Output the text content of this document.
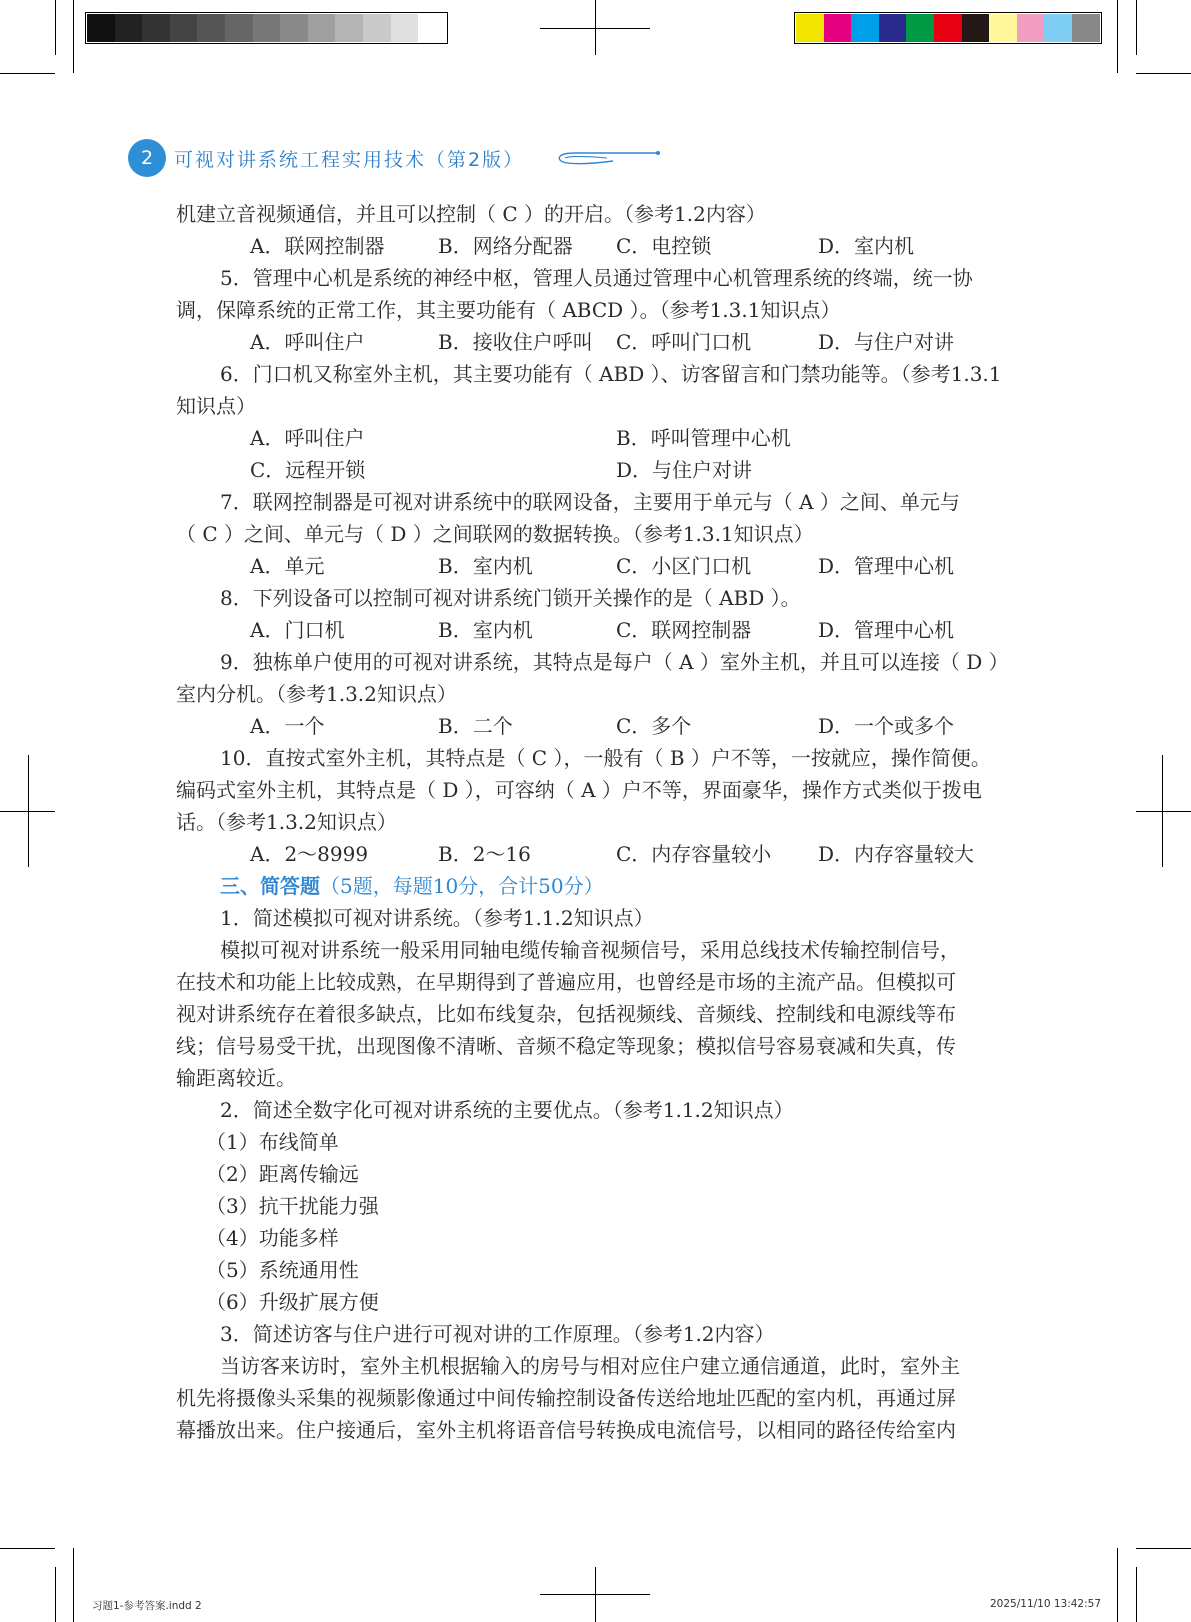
2	可视对讲系统工程实用技术（第2版）
机建立音视频通信，并且可以控制（ C ）的开启。（参考1.2内容）
A．联网控制器	B．网络分配器 C．电控锁	D．室内机
5．管理中心机是系统的神经中枢，管理人员通过管理中心机管理系统的终端，统一协
调，保障系统的正常工作，其主要功能有（ ABCD ）。（参考1.3.1知识点）
A．呼叫住户	B．接收住户呼叫 C．呼叫门口机	D．与住户对讲
6．门口机又称室外主机，其主要功能有（ ABD ）、访客留言和门禁功能等。（参考1.3.1
知识点）
A．呼叫住户	B．呼叫管理中心机
C．远程开锁	D．与住户对讲
7．联网控制器是可视对讲系统中的联网设备，主要用于单元与（ A ）之间、单元与
（ C ）之间、单元与（ D ）之间联网的数据转换。（参考1.3.1知识点）
A．单元	B．室内机	C．小区门口机	D．管理中心机
8．下列设备可以控制可视对讲系统门锁开关操作的是（ ABD ）。
A．门口机	B．室内机	C．联网控制器	D．管理中心机
9．独栋单户使用的可视对讲系统，其特点是每户（ A ）室外主机，并且可以连接（ D ）
室内分机。（参考1.3.2知识点）
A．一个	B．二个	C．多个	D．一个或多个
10．直按式室外主机，其特点是（ C ），一般有（ B ）户不等，一按就应，操作简便。
编码式室外主机，其特点是（ D ），可容纳（ A ）户不等，界面豪华，操作方式类似于拨电
话。（参考1.3.2知识点）
A．2～8999	B．2～16	C．内存容量较小 D．内存容量较大
三、简答题（5题，每题10分，合计50分）
1．简述模拟可视对讲系统。（参考1.1.2知识点）
模拟可视对讲系统一般采用同轴电缆传输音视频信号，采用总线技术传输控制信号，
在技术和功能上比较成熟，在早期得到了普遍应用，也曾经是市场的主流产品。但模拟可
视对讲系统存在着很多缺点，比如布线复杂，包括视频线、音频线、控制线和电源线等布
线；信号易受干扰，出现图像不清晰、音频不稳定等现象；模拟信号容易衰减和失真，传
输距离较近。
2．简述全数字化可视对讲系统的主要优点。（参考1.1.2知识点）
（1）布线简单
（2）距离传输远
（3）抗干扰能力强
（4）功能多样
（5）系统通用性
（6）升级扩展方便
3．简述访客与住户进行可视对讲的工作原理。（参考1.2内容）
当访客来访时，室外主机根据输入的房号与相对应住户建立通信通道，此时，室外主
机先将摄像头采集的视频影像通过中间传输控制设备传送给地址匹配的室内机，再通过屏
幕播放出来。住户接通后，室外主机将语音信号转换成电流信号，以相同的路径传给室内
习题1-参考答案.indd 2	2025/11/10 13:42:57
